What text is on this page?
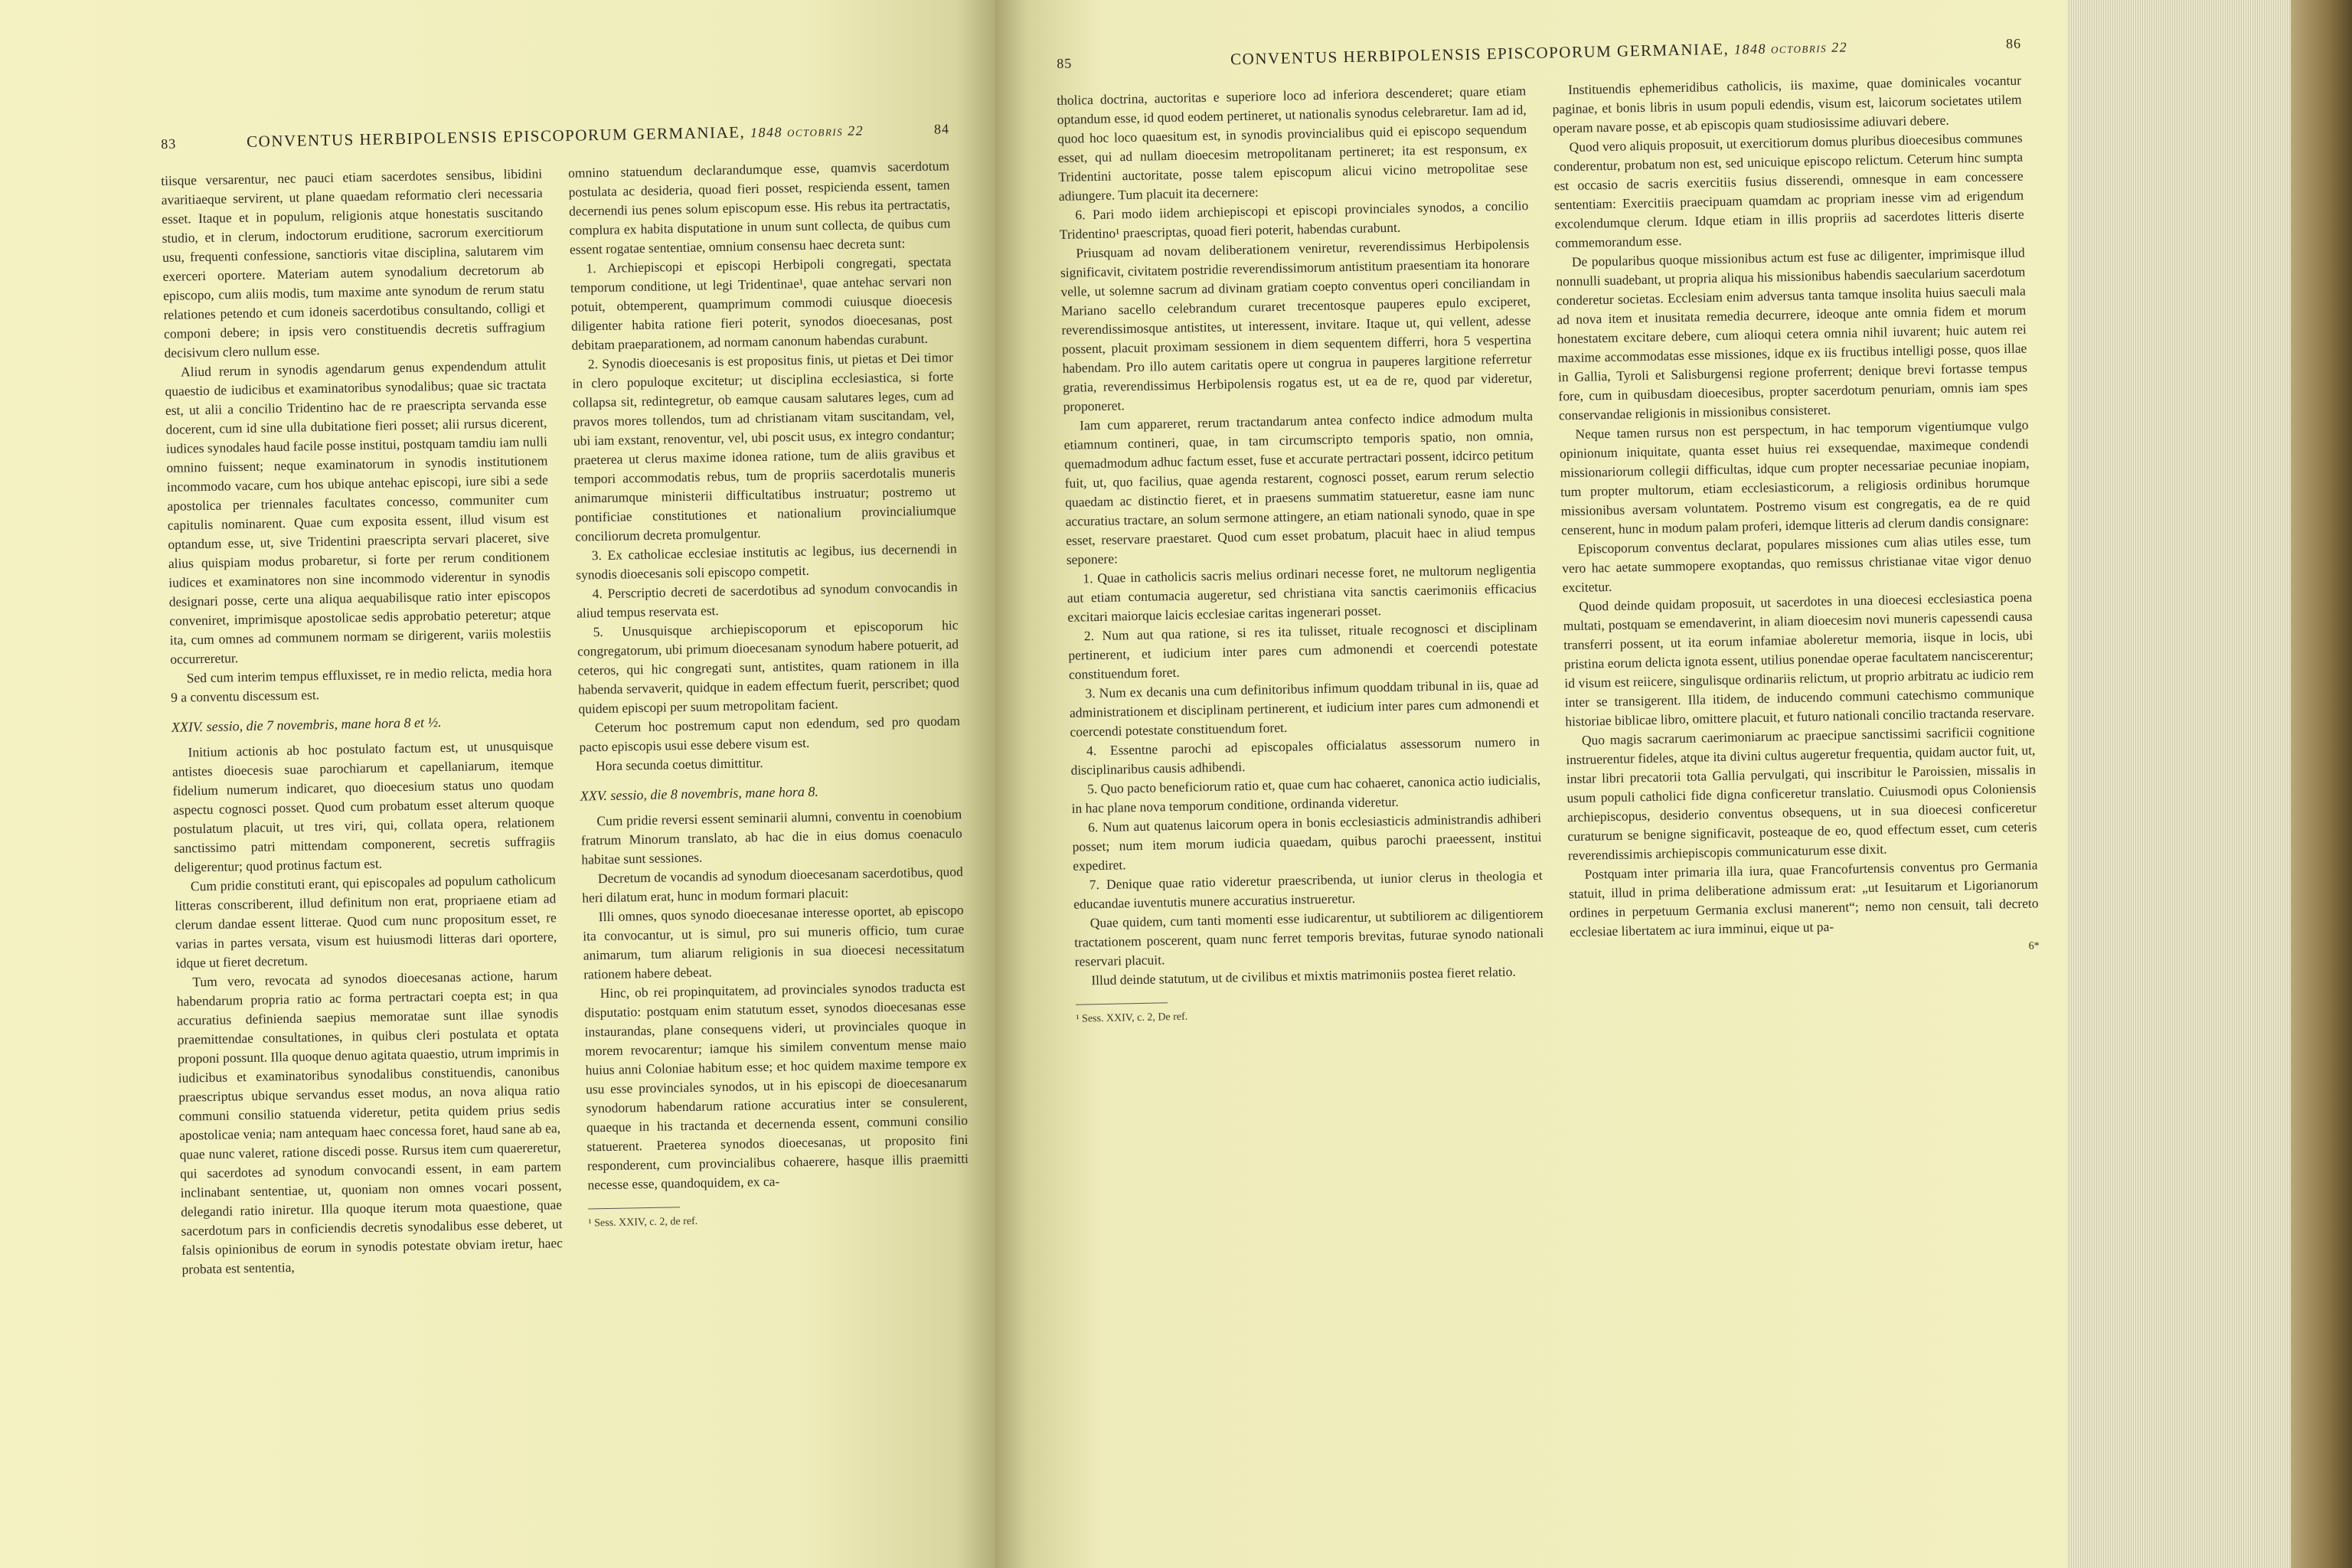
83	CONVENTUS HERBIPOLENSIS EPISCOPORUM GERMANIAE, 1848 octobris 22	84

tiisque versarentur, nec pauci etiam sacerdotes sensibus, libidini avaritiaeque servirent, ut plane quaedam reformatio cleri necessaria esset. Itaque et in populum, religionis atque honestatis suscitando studio, et in clerum, indoctorum eruditione, sacrorum exercitiorum usu, frequenti confessione, sanctioris vitae disciplina, salutarem vim exerceri oportere. Materiam autem synodalium decretorum ab episcopo, cum aliis modis, tum maxime ante synodum de rerum statu relationes petendo et cum idoneis sacerdotibus consultando, colligi et componi debere; in ipsis vero constituendis decretis suffragium decisivum clero nullum esse.

Aliud rerum in synodis agendarum genus expendendum attulit quaestio de iudicibus et examinatoribus synodalibus; quae sic tractata est, ut alii a concilio Tridentino hac de re praescripta servanda esse docerent, cum id sine ulla dubitatione fieri posset; alii rursus dicerent, iudices synodales haud facile posse institui, postquam tamdiu iam nulli omnino fuissent; neque examinatorum in synodis institutionem incommodo vacare, cum hos ubique antehac episcopi, iure sibi a sede apostolica per triennales facultates concesso, communiter cum capitulis nominarent. Quae cum exposita essent, illud visum est optandum esse, ut, sive Tridentini praescripta servari placeret, sive alius quispiam modus probaretur, si forte per rerum conditionem iudices et examinatores non sine incommodo viderentur in synodis designari posse, certe una aliqua aequabilisque ratio inter episcopos conveniret, imprimisque apostolicae sedis approbatio peteretur; atque ita, cum omnes ad communem normam se dirigerent, variis molestiis occurreretur.

Sed cum interim tempus effluxisset, re in medio relicta, media hora 9 a conventu discessum est.

XXIV. sessio, die 7 novembris, mane hora 8 et ½.

Initium actionis ab hoc postulato factum est, ut unusquisque antistes dioecesis suae parochiarum et capellaniarum, itemque fidelium numerum indicaret, quo dioecesium status uno quodam aspectu cognosci posset. Quod cum probatum esset alterum quoque postulatum placuit, ut tres viri, qui, collata opera, relationem sanctissimo patri mittendam componerent, secretis suffragiis deligerentur; quod protinus factum est.

Cum pridie constituti erant, qui episcopales ad populum catholicum litteras conscriberent, illud definitum non erat, propriaene etiam ad clerum dandae essent litterae. Quod cum nunc propositum esset, re varias in partes versata, visum est huiusmodi litteras dari oportere, idque ut fieret decretum.

Tum vero, revocata ad synodos dioecesanas actione, harum habendarum propria ratio ac forma pertractari coepta est; in qua accuratius definienda saepius memoratae sunt illae synodis praemittendae consultationes, in quibus cleri postulata et optata proponi possunt. Illa quoque denuo agitata quaestio, utrum imprimis in iudicibus et examinatoribus synodalibus constituendis, canonibus praescriptus ubique servandus esset modus, an nova aliqua ratio communi consilio statuenda videretur, petita quidem prius sedis apostolicae venia; nam antequam haec concessa foret, haud sane ab ea, quae nunc valeret, ratione discedi posse. Rursus item cum quaereretur, qui sacerdotes ad synodum convocandi essent, in eam partem inclinabant sententiae, ut, quoniam non omnes vocari possent, delegandi ratio iniretur. Illa quoque iterum mota quaestione, quae sacerdotum pars in conficiendis decretis synodalibus esse deberet, ut falsis opinionibus de eorum in synodis potestate obviam iretur, haec probata est sententia,

omnino statuendum declarandumque esse, quamvis sacerdotum postulata ac desideria, quoad fieri posset, respicienda essent, tamen decernendi ius penes solum episcopum esse. His rebus ita pertractatis, complura ex habita disputatione in unum sunt collecta, de quibus cum essent rogatae sententiae, omnium consensu haec decreta sunt:

1. Archiepiscopi et episcopi Herbipoli congregati, spectata temporum conditione, ut legi Tridentinae¹, quae antehac servari non potuit, obtemperent, quamprimum commodi cuiusque dioecesis diligenter habita ratione fieri poterit, synodos dioecesanas, post debitam praeparationem, ad normam canonum habendas curabunt.

2. Synodis dioecesanis is est propositus finis, ut pietas et Dei timor in clero populoque excitetur; ut disciplina ecclesiastica, si forte collapsa sit, redintegretur, ob eamque causam salutares leges, cum ad pravos mores tollendos, tum ad christianam vitam suscitandam, vel, ubi iam exstant, renoventur, vel, ubi poscit usus, ex integro condantur; praeterea ut clerus maxime idonea ratione, tum de aliis gravibus et tempori accommodatis rebus, tum de propriis sacerdotalis muneris animarumque ministerii difficultatibus instruatur; postremo ut pontificiae constitutiones et nationalium provincialiumque conciliorum decreta promulgentur.

3. Ex catholicae ecclesiae institutis ac legibus, ius decernendi in synodis dioecesanis soli episcopo competit.

4. Perscriptio decreti de sacerdotibus ad synodum convocandis in aliud tempus reservata est.

5. Unusquisque archiepiscoporum et episcoporum hic congregatorum, ubi primum dioecesanam synodum habere potuerit, ad ceteros, qui hic congregati sunt, antistites, quam rationem in illa habenda servaverit, quidque in eadem effectum fuerit, perscribet; quod quidem episcopi per suum metropolitam facient.

Ceterum hoc postremum caput non edendum, sed pro quodam pacto episcopis usui esse debere visum est.

Hora secunda coetus dimittitur.

XXV. sessio, die 8 novembris, mane hora 8.

Cum pridie reversi essent seminarii alumni, conventu in coenobium fratrum Minorum translato, ab hac die in eius domus coenaculo habitae sunt sessiones.

Decretum de vocandis ad synodum dioecesanam sacerdotibus, quod heri dilatum erat, hunc in modum formari placuit:

Illi omnes, quos synodo dioecesanae interesse oportet, ab episcopo ita convocantur, ut is simul, pro sui muneris officio, tum curae animarum, tum aliarum religionis in sua dioecesi necessitatum rationem habere debeat.

Hinc, ob rei propinquitatem, ad provinciales synodos traducta est disputatio: postquam enim statutum esset, synodos dioecesanas esse instaurandas, plane consequens videri, ut provinciales quoque in morem revocarentur; iamque his similem conventum mense maio huius anni Coloniae habitum esse; et hoc quidem maxime tempore ex usu esse provinciales synodos, ut in his episcopi de dioecesanarum synodorum habendarum ratione accuratius inter se consulerent, quaeque in his tractanda et decernenda essent, communi consilio statuerent. Praeterea synodos dioecesanas, ut proposito fini responderent, cum provincialibus cohaerere, hasque illis praemitti necesse esse, quandoquidem, ex ca-

¹ Sess. XXIV, c. 2, de ref.
85	CONVENTUS HERBIPOLENSIS EPISCOPORUM GERMANIAE, 1848 octobris 22	86

tholica doctrina, auctoritas e superiore loco ad inferiora descenderet; quare etiam optandum esse, id quod eodem pertineret, ut nationalis synodus celebraretur. Iam ad id, quod hoc loco quaesitum est, in synodis provincialibus quid ei episcopo sequendum esset, qui ad nullam dioecesim metropolitanam pertineret; ita est responsum, ex Tridentini auctoritate, posse talem episcopum alicui vicino metropolitae sese adiungere. Tum placuit ita decernere:

6. Pari modo iidem archiepiscopi et episcopi provinciales synodos, a concilio Tridentino¹ praescriptas, quoad fieri poterit, habendas curabunt.

Priusquam ad novam deliberationem veniretur, reverendissimus Herbipolensis significavit, civitatem postridie reverendissimorum antistitum praesentiam ita honorare velle, ut solemne sacrum ad divinam gratiam coepto conventus operi conciliandam in Mariano sacello celebrandum curaret trecentosque pauperes epulo exciperet, reverendissimosque antistites, ut interessent, invitare. Itaque ut, qui vellent, adesse possent, placuit proximam sessionem in diem sequentem differri, hora 5 vespertina habendam. Pro illo autem caritatis opere ut congrua in pauperes largitione referretur gratia, reverendissimus Herbipolensis rogatus est, ut ea de re, quod par videretur, proponeret.

Iam cum appareret, rerum tractandarum antea confecto indice admodum multa etiamnum contineri, quae, in tam circumscripto temporis spatio, non omnia, quemadmodum adhuc factum esset, fuse et accurate pertractari possent, idcirco petitum fuit, ut, quo facilius, quae agenda restarent, cognosci posset, earum rerum selectio quaedam ac distinctio fieret, et in praesens summatim statueretur, easne iam nunc accuratius tractare, an solum sermone attingere, an etiam nationali synodo, quae in spe esset, reservare praestaret. Quod cum esset probatum, placuit haec in aliud tempus seponere:

1. Quae in catholicis sacris melius ordinari necesse foret, ne multorum negligentia aut etiam contumacia augeretur, sed christiana vita sanctis caerimoniis efficacius excitari maiorque laicis ecclesiae caritas ingenerari posset.

2. Num aut qua ratione, si res ita tulisset, rituale recognosci et disciplinam pertinerent, et iudicium inter pares cum admonendi et coercendi potestate constituendum foret.

3. Num ex decanis una cum definitoribus infimum quoddam tribunal in iis, quae ad administrationem et disciplinam pertinerent, et iudicium inter pares cum admonendi et coercendi potestate constituendum foret.

4. Essentne parochi ad episcopales officialatus assessorum numero in disciplinaribus causis adhibendi.

5. Quo pacto beneficiorum ratio et, quae cum hac cohaeret, canonica actio iudicialis, in hac plane nova temporum conditione, ordinanda videretur.

6. Num aut quatenus laicorum opera in bonis ecclesiasticis administrandis adhiberi posset; num item morum iudicia quaedam, quibus parochi praeessent, institui expediret.

7. Denique quae ratio videretur praescribenda, ut iunior clerus in theologia et educandae iuventutis munere accuratius instrueretur.

Quae quidem, cum tanti momenti esse iudicarentur, ut subtiliorem ac diligentiorem tractationem poscerent, quam nunc ferret temporis brevitas, futurae synodo nationali reservari placuit.

Illud deinde statutum, ut de civilibus et mixtis matrimoniis postea fieret relatio.

¹ Sess. XXIV, c. 2, De ref.

Instituendis ephemeridibus catholicis, iis maxime, quae dominicales vocantur paginae, et bonis libris in usum populi edendis, visum est, laicorum societates utilem operam navare posse, et ab episcopis quam studiosissime adiuvari debere.

Quod vero aliquis proposuit, ut exercitiorum domus pluribus dioecesibus communes conderentur, probatum non est, sed unicuique episcopo relictum. Ceterum hinc sumpta est occasio de sacris exercitiis fusius disserendi, omnesque in eam concessere sententiam: Exercitiis praecipuam quamdam ac propriam inesse vim ad erigendum excolendumque clerum. Idque etiam in illis propriis ad sacerdotes litteris diserte commemorandum esse.

De popularibus quoque missionibus actum est fuse ac diligenter, imprimisque illud nonnulli suadebant, ut propria aliqua his missionibus habendis saecularium sacerdotum conderetur societas. Ecclesiam enim adversus tanta tamque insolita huius saeculi mala ad nova item et inusitata remedia decurrere, ideoque ante omnia fidem et morum honestatem excitare debere, cum alioqui cetera omnia nihil iuvarent; huic autem rei maxime accommodatas esse missiones, idque ex iis fructibus intelligi posse, quos illae in Gallia, Tyroli et Salisburgensi regione proferrent; denique brevi fortasse tempus fore, cum in quibusdam dioecesibus, propter sacerdotum penuriam, omnis iam spes conservandae religionis in missionibus consisteret.

Neque tamen rursus non est perspectum, in hac temporum vigentiumque vulgo opinionum iniquitate, quanta esset huius rei exsequendae, maximeque condendi missionariorum collegii difficultas, idque cum propter necessariae pecuniae inopiam, tum propter multorum, etiam ecclesiasticorum, a religiosis ordinibus horumque missionibus aversam voluntatem. Postremo visum est congregatis, ea de re quid censerent, hunc in modum palam proferi, idemque litteris ad clerum dandis consignare:

Episcoporum conventus declarat, populares missiones cum alias utiles esse, tum vero hac aetate summopere exoptandas, quo remissus christianae vitae vigor denuo excitetur.

Quod deinde quidam proposuit, ut sacerdotes in una dioecesi ecclesiastica poena multati, postquam se emendaverint, in aliam dioecesim novi muneris capessendi causa transferri possent, ut ita eorum infamiae aboleretur memoria, iisque in locis, ubi pristina eorum delicta ignota essent, utilius ponendae operae facultatem nanciscerentur; id visum est reiicere, singulisque ordinariis relictum, ut proprio arbitratu ac iudicio rem inter se transigerent. Illa itidem, de inducendo communi catechismo communique historiae biblicae libro, omittere placuit, et futuro nationali concilio tractanda reservare.

Quo magis sacrarum caerimoniarum ac praecipue sanctissimi sacrificii cognitione instruerentur fideles, atque ita divini cultus augeretur frequentia, quidam auctor fuit, ut, instar libri precatorii tota Gallia pervulgati, qui inscribitur le Paroissien, missalis in usum populi catholici fide digna conficeretur translatio. Cuiusmodi opus Coloniensis archiepiscopus, desiderio conventus obsequens, ut in sua dioecesi conficeretur curaturum se benigne significavit, posteaque de eo, quod effectum esset, cum ceteris reverendissimis archiepiscopis communicaturum esse dixit.

Postquam inter primaria illa iura, quae Francofurtensis conventus pro Germania statuit, illud in prima deliberatione admissum erat: „ut Iesuitarum et Ligorianorum ordines in perpetuum Germania exclusi manerent“; nemo non censuit, tali decreto ecclesiae libertatem ac iura imminui, eique ut pa-

6*
